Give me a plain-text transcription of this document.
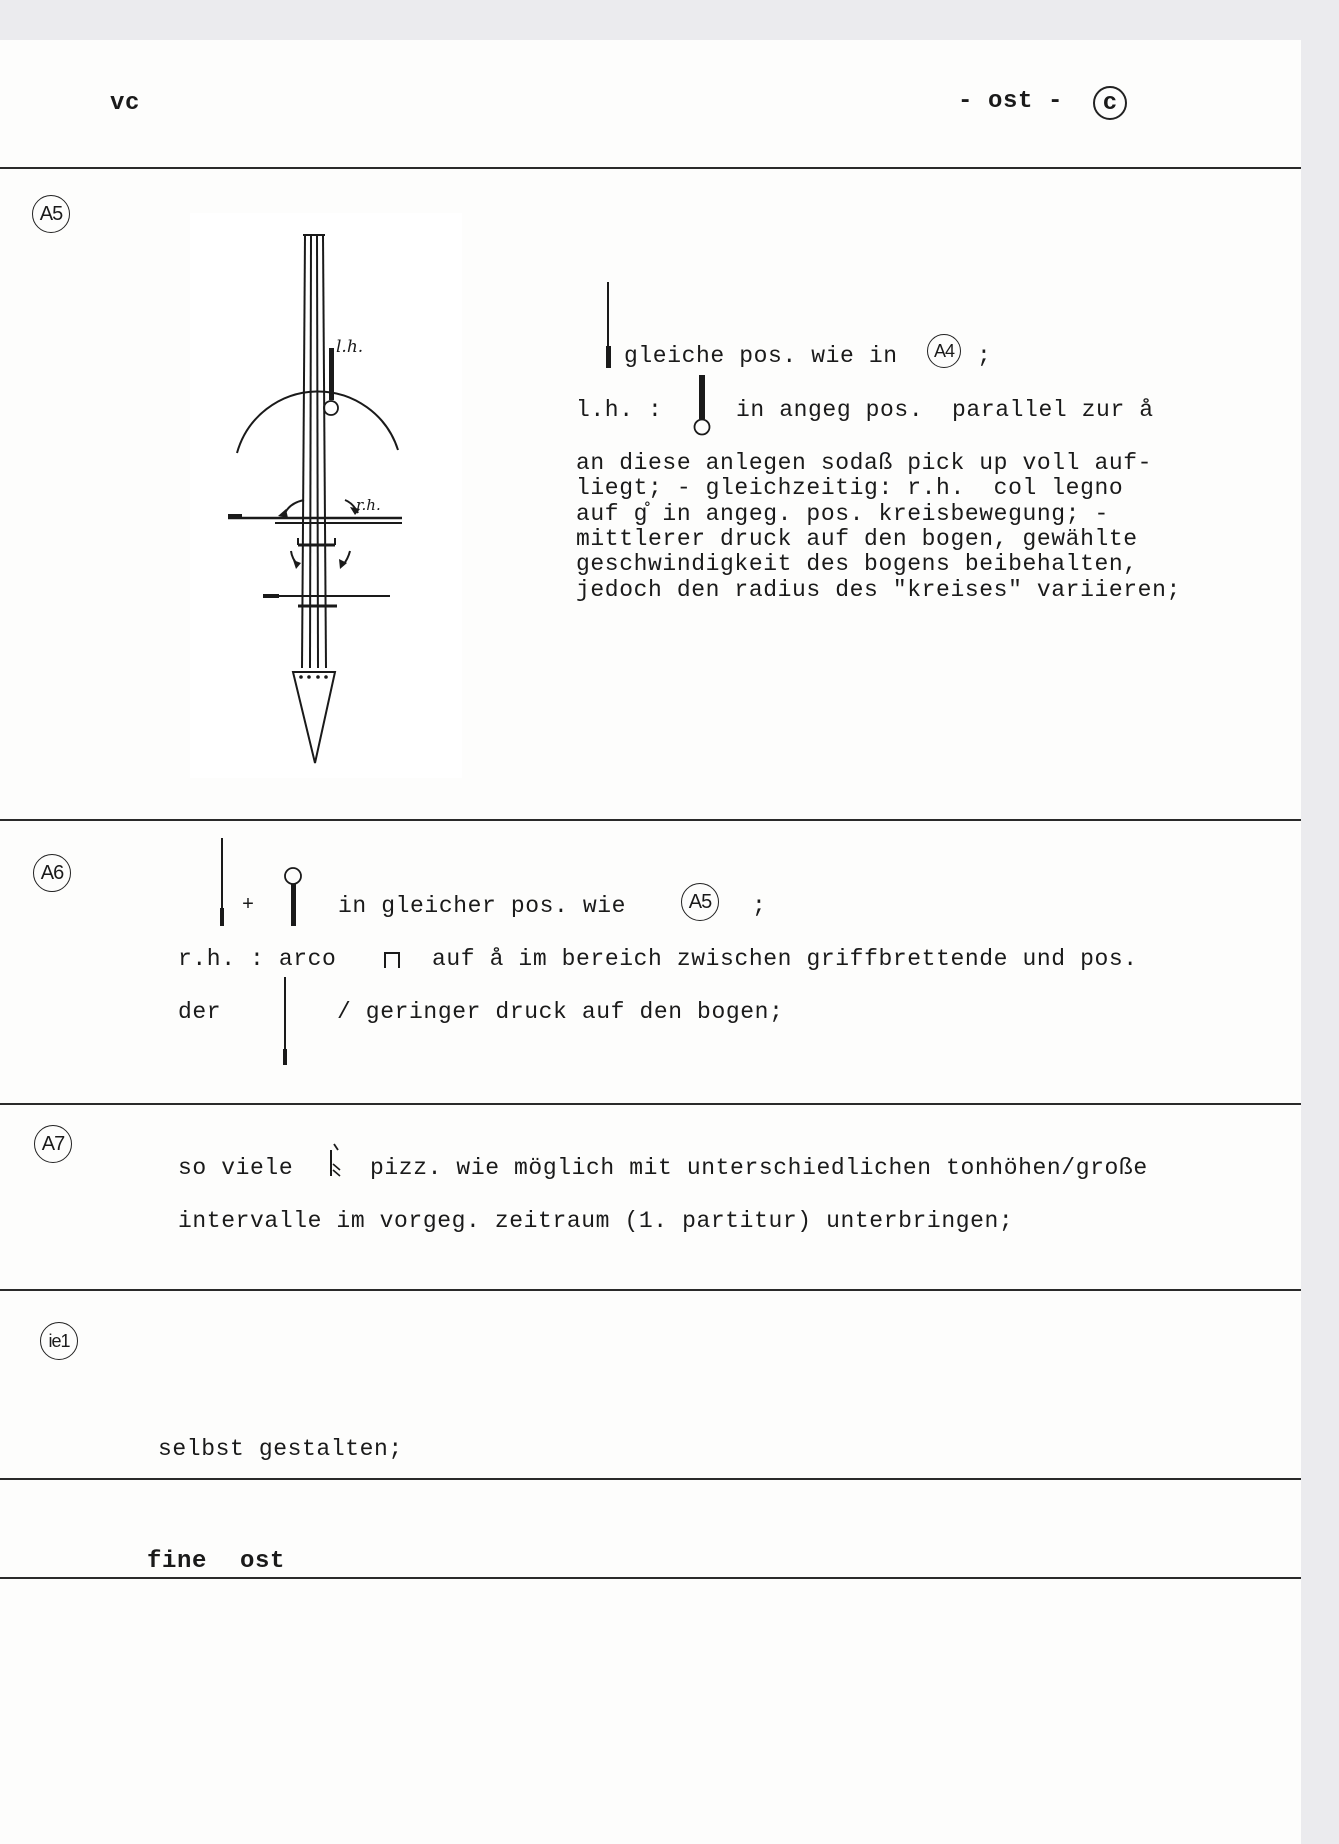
vc	- ost -	c
A5
l.h.
r.h.
gleiche pos. wie in	A4 ;
l.h. :	in angeg pos.  parallel zur å
an diese anlegen sodaß pick up voll auf-
liegt; - gleichzeitig: r.h.  col legno
auf g̊ in angeg. pos. kreisbewegung; -
mittlerer druck auf den bogen, gewählte
geschwindigkeit des bogens beibehalten,
jedoch den radius des "kreises" variieren;
A6
+	in gleicher pos. wie	A5	;
r.h. : arco	auf å im bereich zwischen griffbrettende und pos.
der	/ geringer druck auf den bogen;
A7
so viele	pizz. wie möglich mit unterschiedlichen tonhöhen/große
intervalle im vorgeg. zeitraum (1. partitur) unterbringen;
ie1
selbst gestalten;
fine ost
